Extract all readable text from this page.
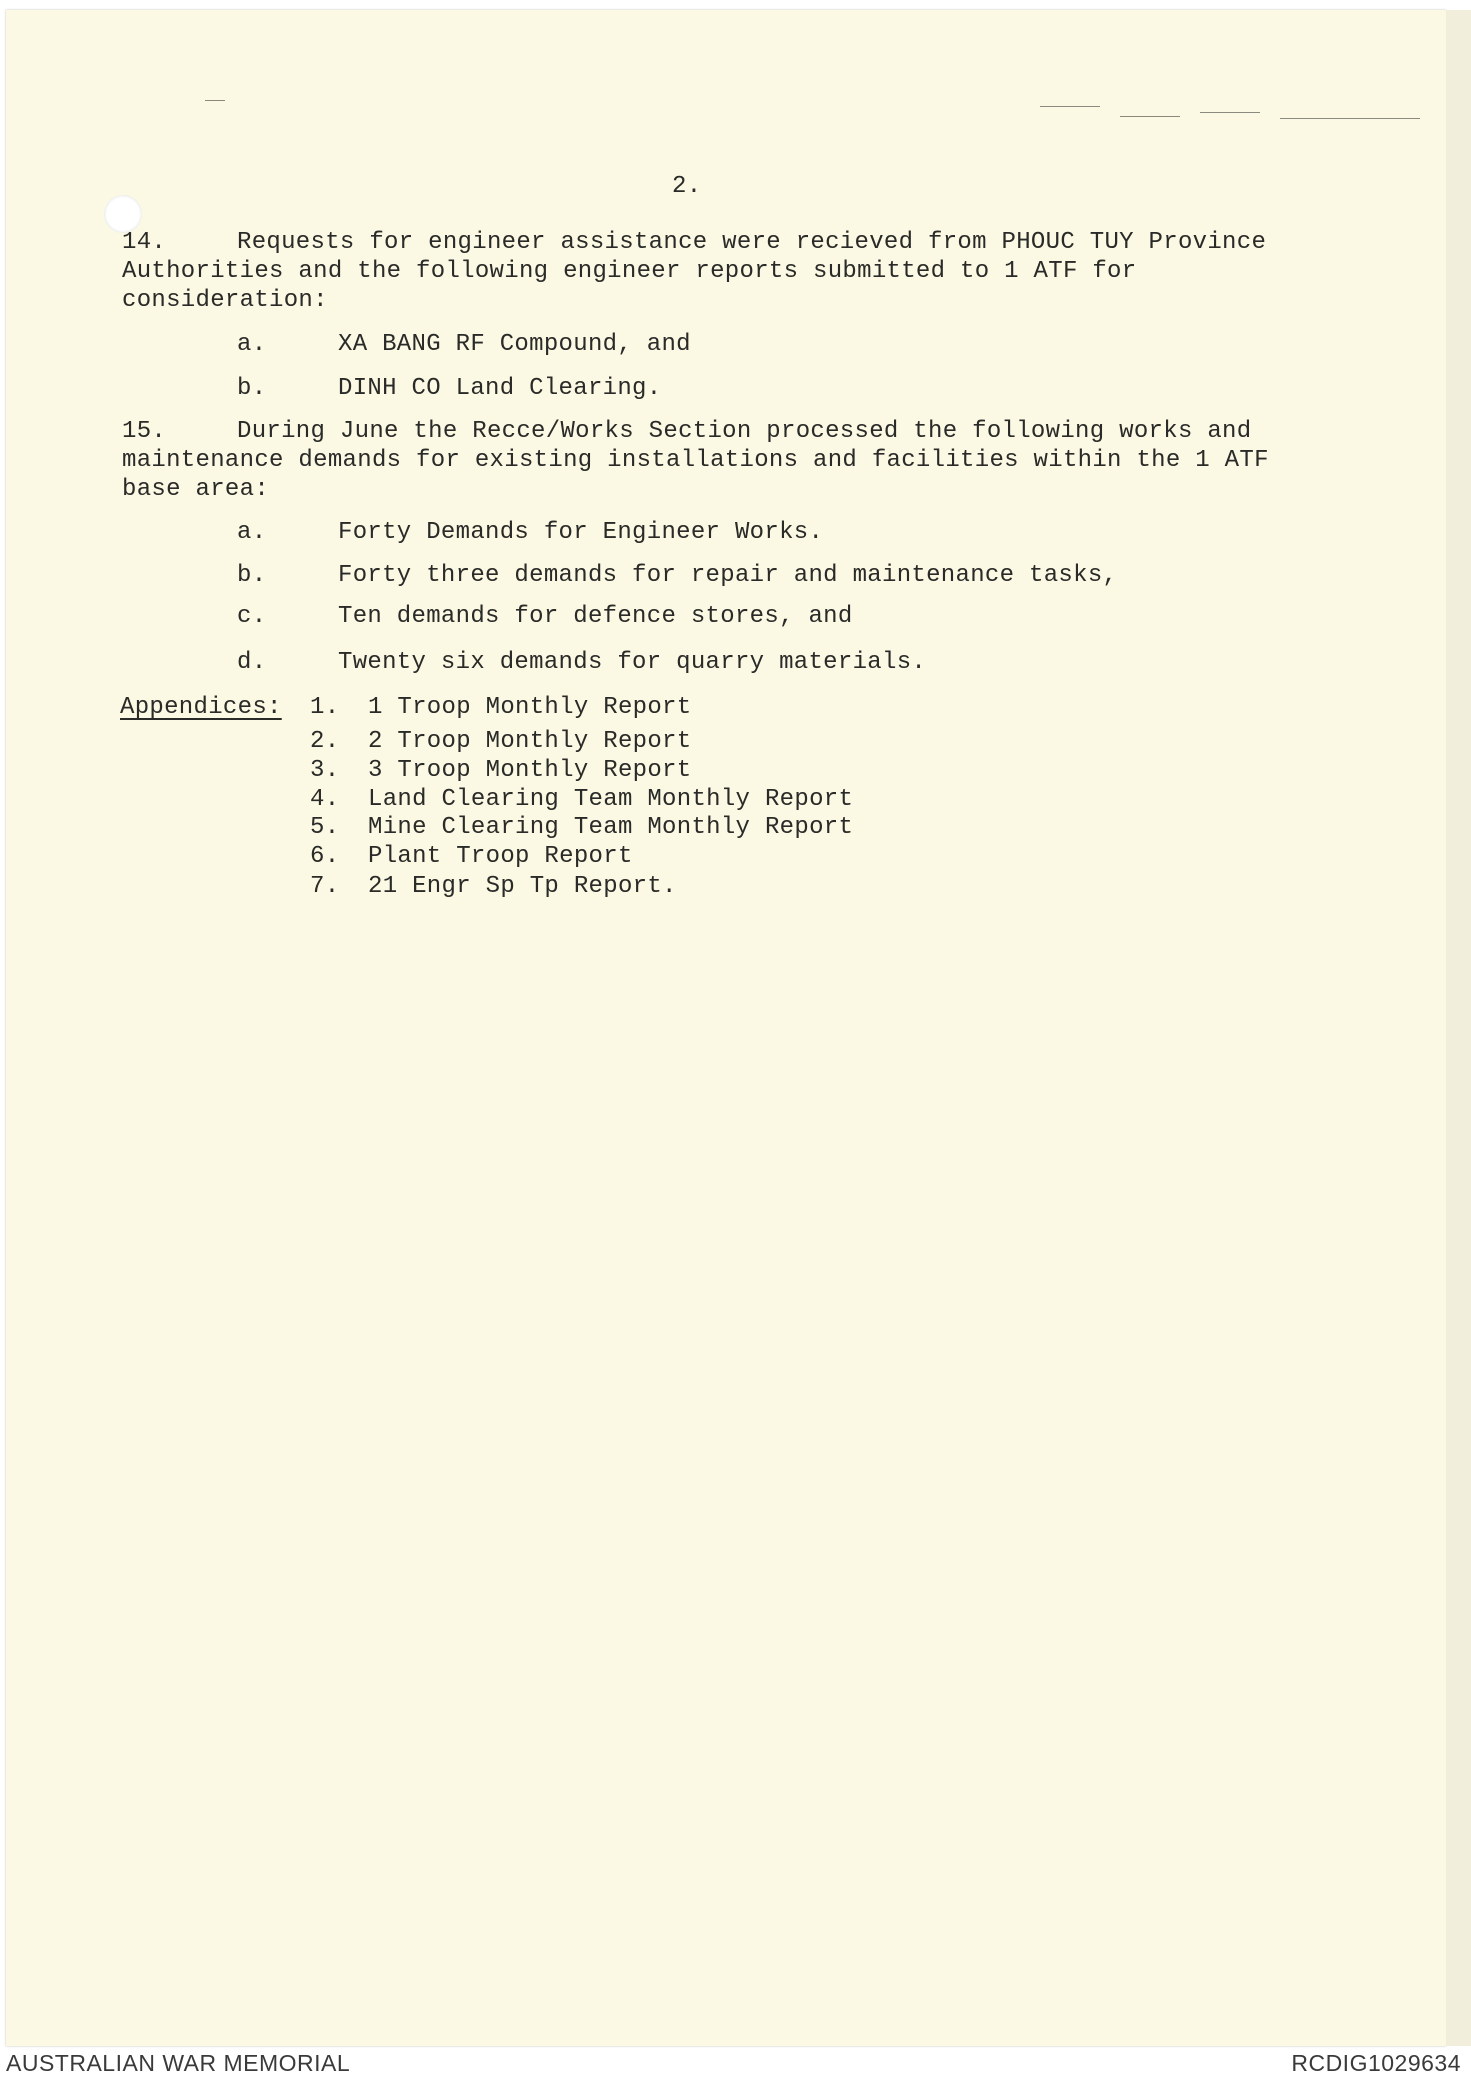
2.
14.	Requests for engineer assistance were recieved from PHOUC TUY Province
Authorities and the following engineer reports submitted to 1 ATF for
consideration:
a.	XA BANG RF Compound, and
b.	DINH CO Land Clearing.
15.	During June the Recce/Works Section processed the following works and
maintenance demands for existing installations and facilities within the 1 ATF
base area:
a.	Forty Demands for Engineer Works.
b.	Forty three demands for repair and maintenance tasks,
c.	Ten demands for defence stores, and
d.	Twenty six demands for quarry materials.
Appendices: 1. 1 Troop Monthly Report
2. 2 Troop Monthly Report
3. 3 Troop Monthly Report
4. Land Clearing Team Monthly Report
5. Mine Clearing Team Monthly Report
6. Plant Troop Report
7. 21 Engr Sp Tp Report.
AUSTRALIAN WAR MEMORIAL	RCDIG1029634
